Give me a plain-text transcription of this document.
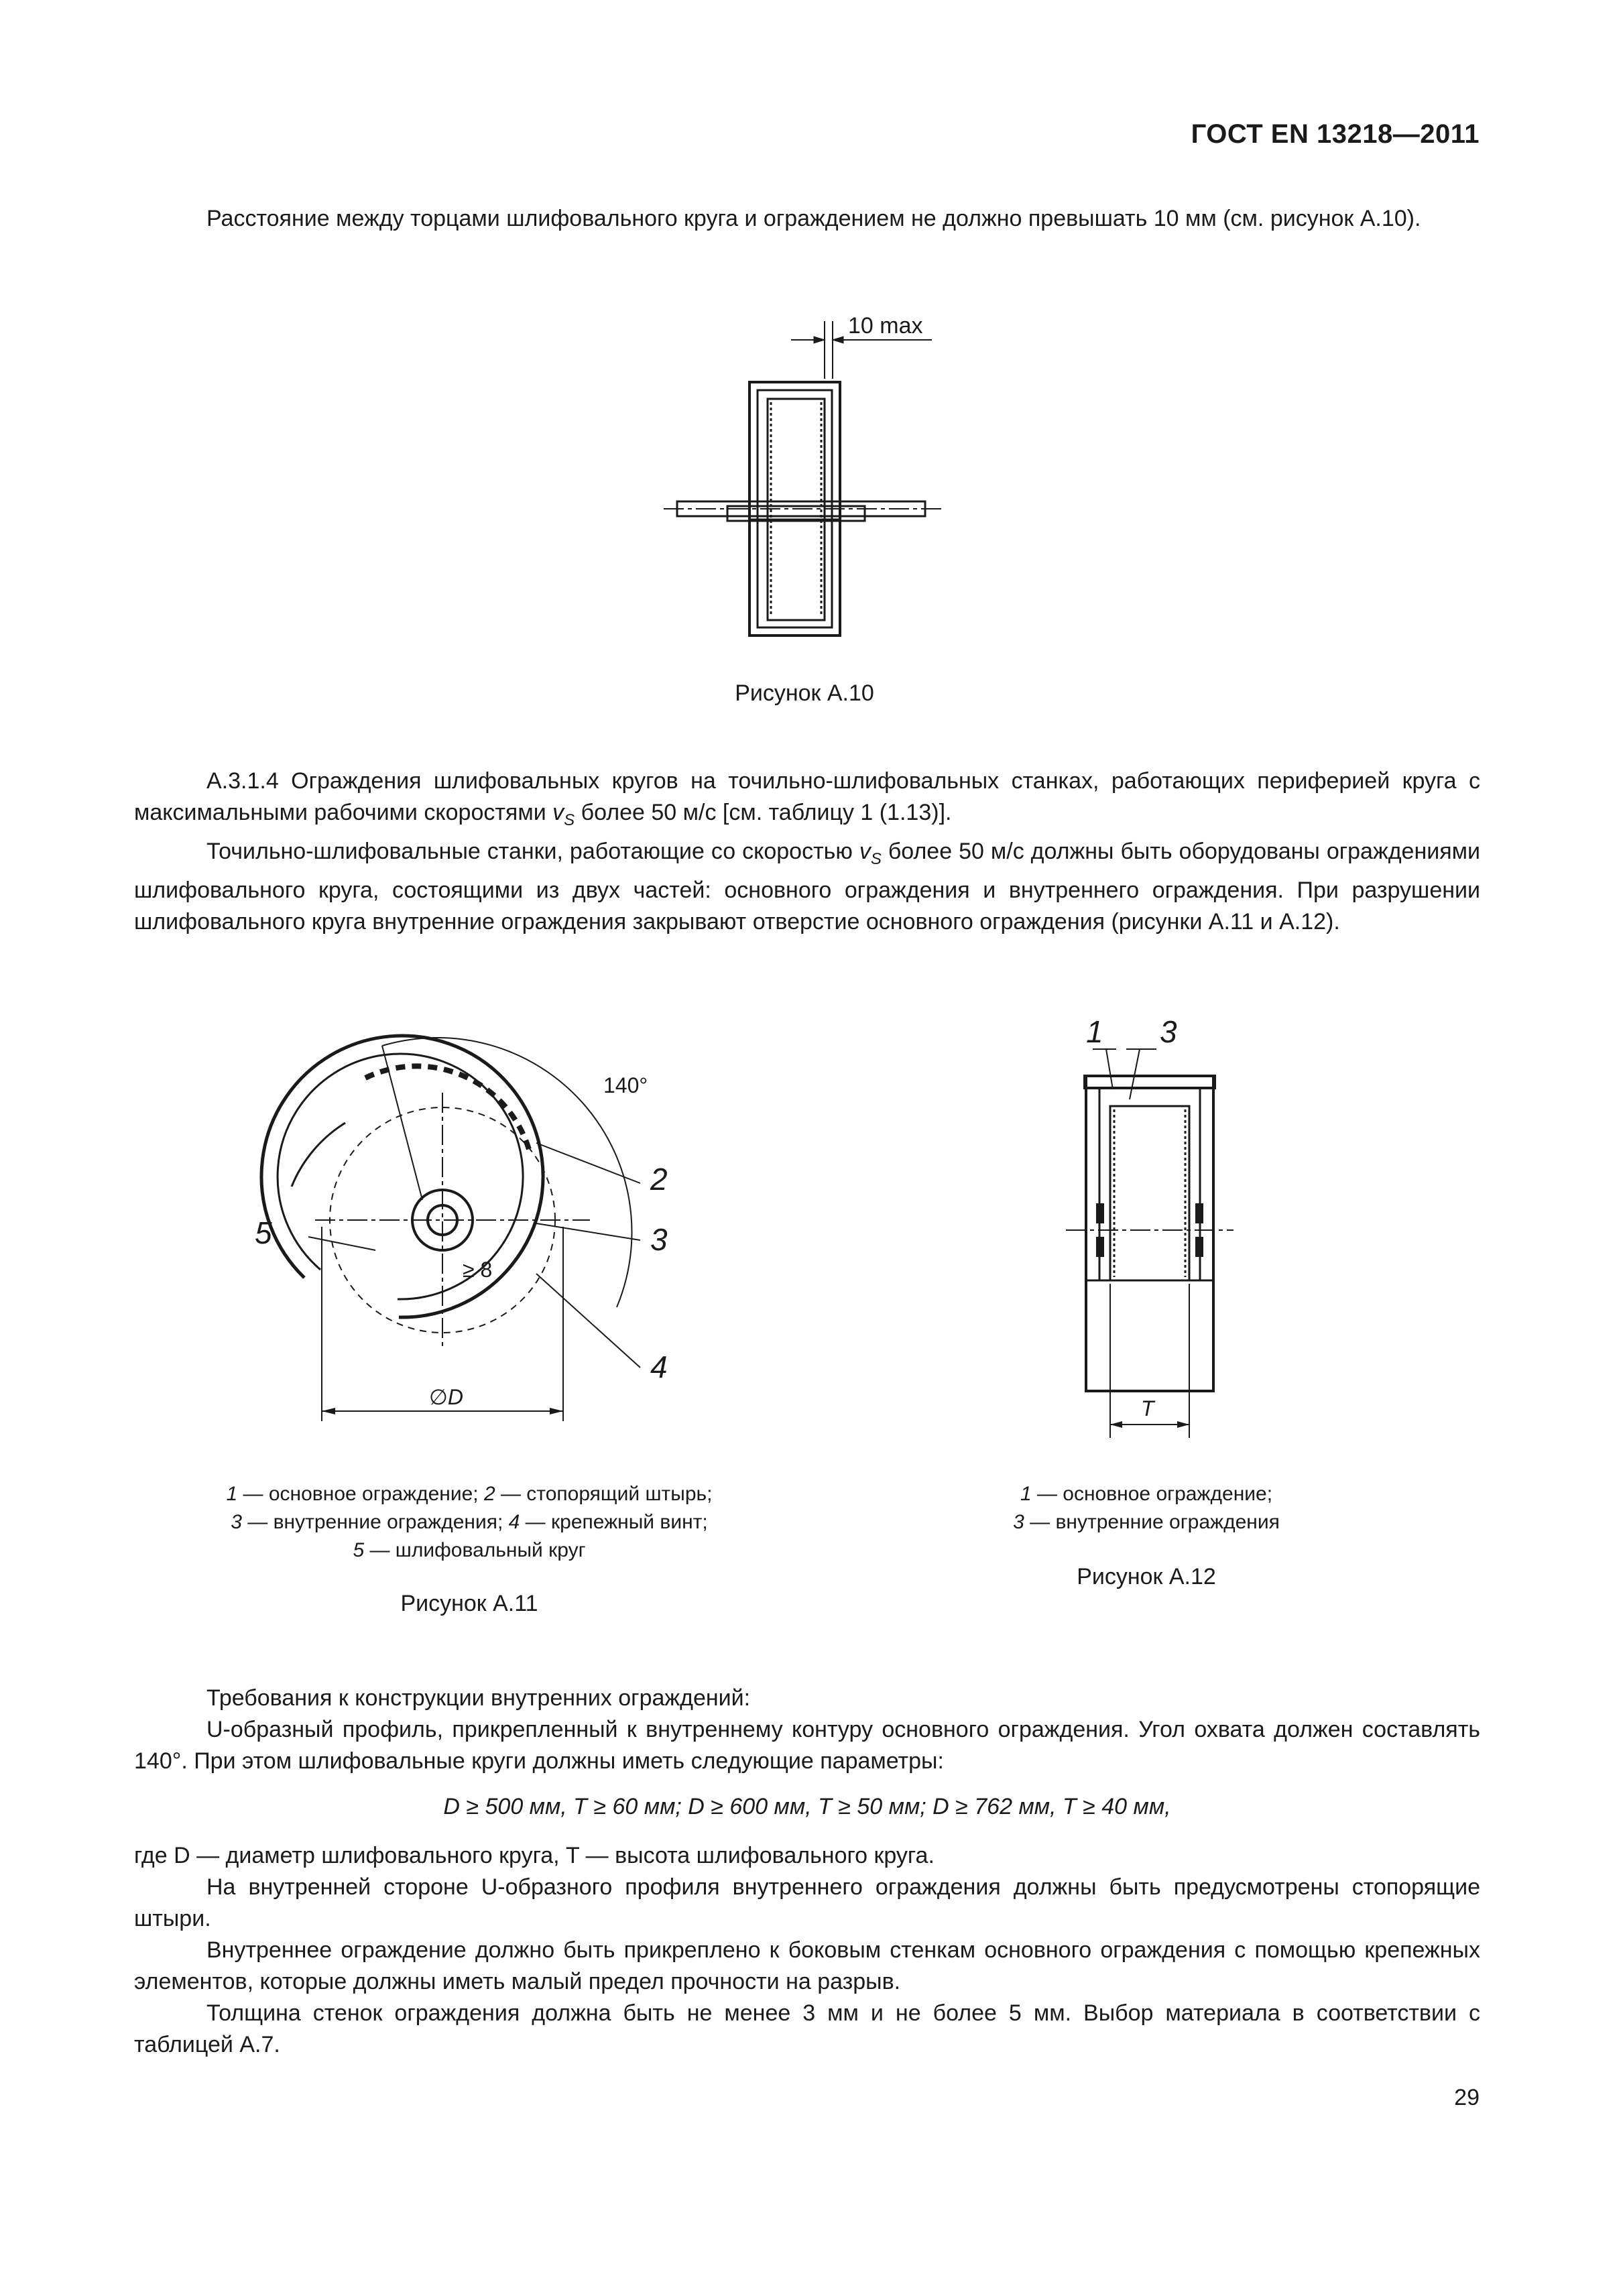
ГОСТ EN 13218—2011

Расстояние между торцами шлифовального круга и ограждением не должно превышать 10 мм (см. рисунок А.10).

10 max
Рисунок А.10

А.3.1.4 Ограждения шлифовальных кругов на точильно-шлифовальных станках, работающих периферией круга с максимальными рабочими скоростями $v_S$ более 50 м/с [см. таблицу 1 (1.13)].

Точильно-шлифовальные станки, работающие со скоростью $v_S$ более 50 м/с должны быть оборудованы ограждениями шлифовального круга, состоящими из двух частей: основного ограждения и внутреннего ограждения. При разрушении шлифовального круга внутренние ограждения закрывают отверстие основного ограждения (рисунки А.11 и А.12).

140°
2
3
4
5
≥ 8
∅D
1 — основное ограждение; 2 — стопорящий штырь;
3 — внутренние ограждения; 4 — крепежный винт;
5 — шлифовальный круг
Рисунок А.11
1 3
T
1 — основное ограждение;
3 — внутренние ограждения
Рисунок А.12

Требования к конструкции внутренних ограждений:

U-образный профиль, прикрепленный к внутреннему контуру основного ограждения. Угол охвата должен составлять 140°. При этом шлифовальные круги должны иметь следующие параметры:

D ≥ 500 мм, T ≥ 60 мм; D ≥ 600 мм, T ≥ 50 мм; D ≥ 762 мм, T ≥ 40 мм,

где D — диаметр шлифовального круга, T — высота шлифовального круга.

На внутренней стороне U-образного профиля внутреннего ограждения должны быть предусмотрены стопорящие штыри.

Внутреннее ограждение должно быть прикреплено к боковым стенкам основного ограждения с помощью крепежных элементов, которые должны иметь малый предел прочности на разрыв.

Толщина стенок ограждения должна быть не менее 3 мм и не более 5 мм. Выбор материала в соответствии с таблицей А.7.

29
